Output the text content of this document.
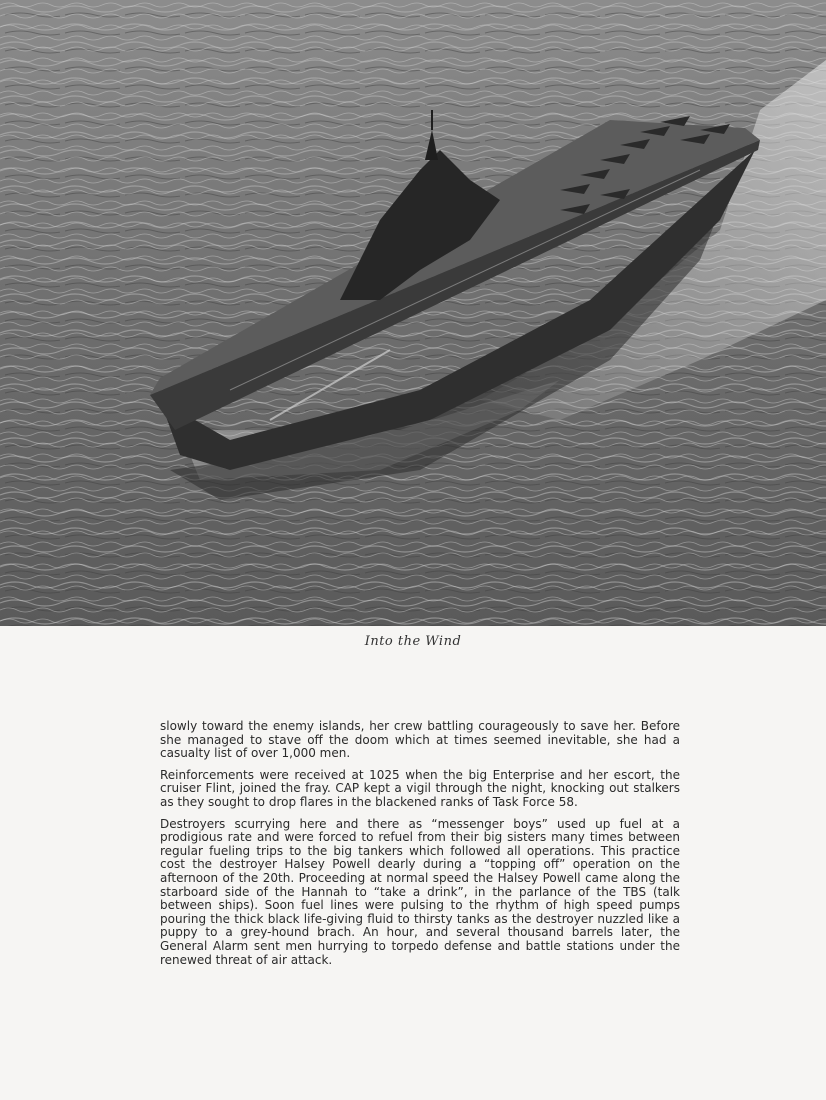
Into the Wind

slowly toward the enemy islands, her crew battling courageously to save her. Before she managed to stave off the doom which at times seemed inevitable, she had a casualty list of over 1,000 men.

Reinforcements were received at 1025 when the big Enterprise and her escort, the cruiser Flint, joined the fray. CAP kept a vigil through the night, knocking out stalkers as they sought to drop flares in the blackened ranks of Task Force 58.

Destroyers scurrying here and there as “messenger boys” used up fuel at a prodigious rate and were forced to refuel from their big sisters many times between regular fueling trips to the big tankers which followed all operations. This practice cost the destroyer Halsey Powell dearly during a “topping off” operation on the afternoon of the 20th. Proceeding at normal speed the Halsey Powell came along the starboard side of the Hannah to “take a drink”, in the parlance of the TBS (talk between ships). Soon fuel lines were pulsing to the rhythm of high speed pumps pouring the thick black life-giving fluid to thirsty tanks as the destroyer nuzzled like a puppy to a grey-hound brach. An hour, and several thousand barrels later, the General Alarm sent men hurrying to torpedo defense and battle stations under the renewed threat of air attack.
